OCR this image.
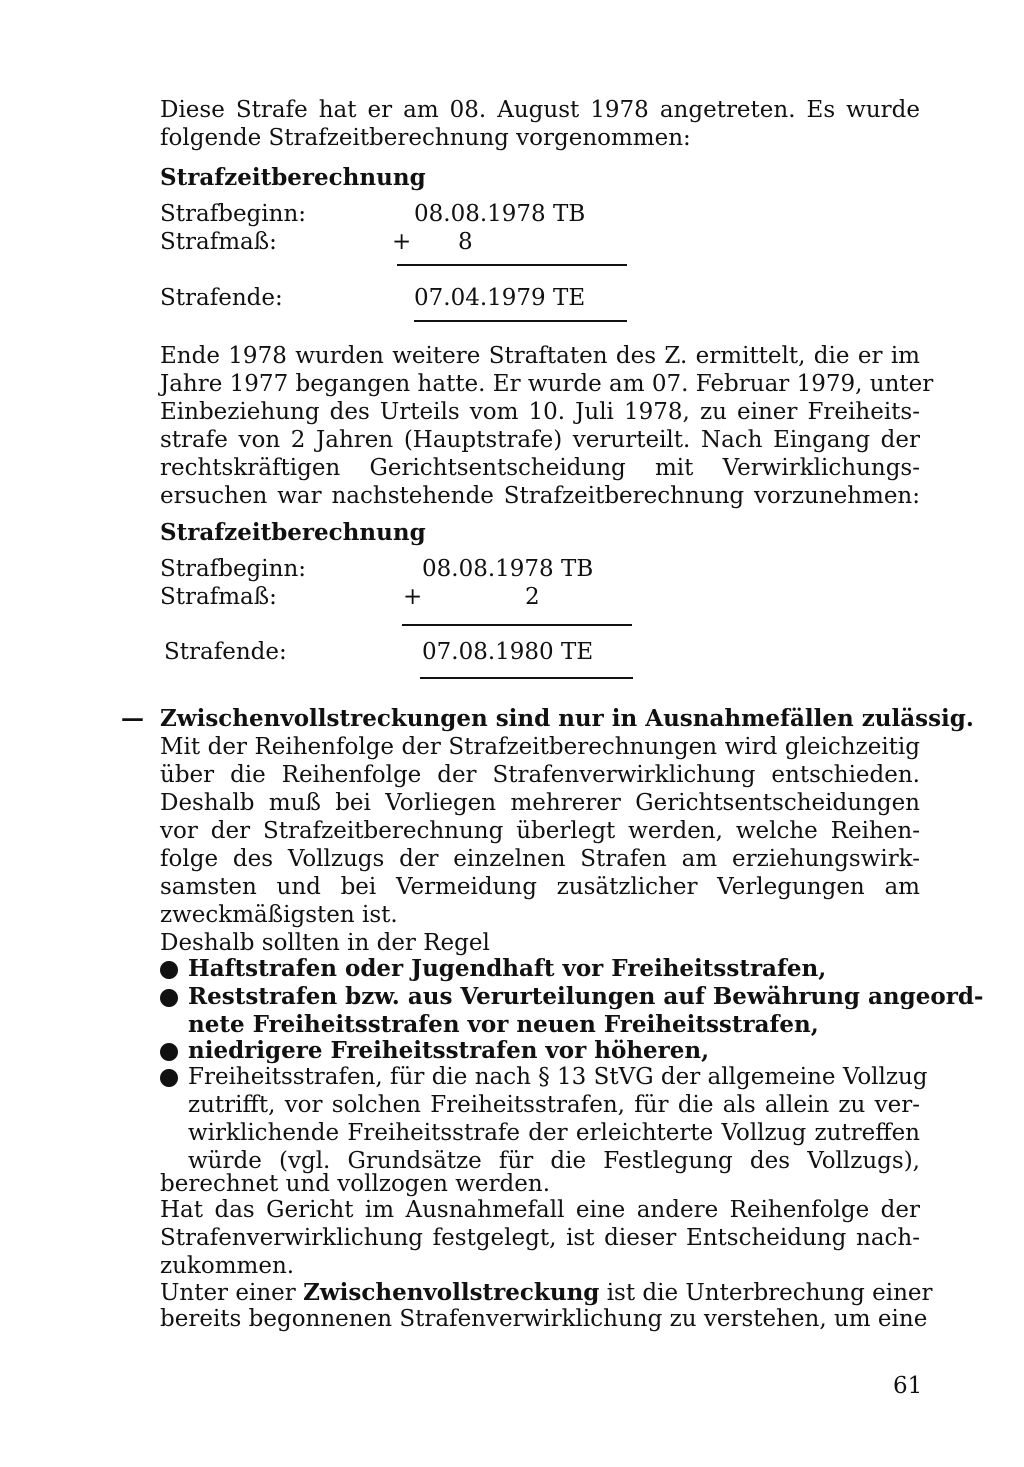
Diese Strafe hat er am 08. August 1978 angetreten. Es wurde
folgende Strafzeitberechnung vorgenommen:
Strafzeitberechnung
Strafbeginn:	08.08.1978 TB
Strafmaß:	+ 8
Strafende:	07.04.1979 TE
Ende 1978 wurden weitere Straftaten des Z. ermittelt, die er im
Jahre 1977 begangen hatte. Er wurde am 07. Februar 1979, unter
Einbeziehung des Urteils vom 10. Juli 1978, zu einer Freiheits-
strafe von 2 Jahren (Hauptstrafe) verurteilt. Nach Eingang der
rechtskräftigen Gerichtsentscheidung mit Verwirklichungs-
ersuchen war nachstehende Strafzeitberechnung vorzunehmen:
Strafzeitberechnung
Strafbeginn:	08.08.1978 TB
Strafmaß:	+	2
Strafende:	07.08.1980 TE
— Zwischenvollstreckungen sind nur in Ausnahmefällen zulässig.
Mit der Reihenfolge der Strafzeitberechnungen wird gleichzeitig
über die Reihenfolge der Strafenverwirklichung entschieden.
Deshalb muß bei Vorliegen mehrerer Gerichtsentscheidungen
vor der Strafzeitberechnung überlegt werden, welche Reihen-
folge des Vollzugs der einzelnen Strafen am erziehungswirk-
samsten und bei Vermeidung zusätzlicher Verlegungen am
zweckmäßigsten ist.
Deshalb sollten in der Regel
Haftstrafen oder Jugendhaft vor Freiheitsstrafen,
Reststrafen bzw. aus Verurteilungen auf Bewährung angeord-
nete Freiheitsstrafen vor neuen Freiheitsstrafen,
niedrigere Freiheitsstrafen vor höheren,
Freiheitsstrafen, für die nach § 13 StVG der allgemeine Vollzug
zutrifft, vor solchen Freiheitsstrafen, für die als allein zu ver-
wirklichende Freiheitsstrafe der erleichterte Vollzug zutreffen
würde (vgl. Grundsätze für die Festlegung des Vollzugs),
berechnet und vollzogen werden.
Hat das Gericht im Ausnahmefall eine andere Reihenfolge der
Strafenverwirklichung festgelegt, ist dieser Entscheidung nach-
zukommen.
Unter einer Zwischenvollstreckung ist die Unterbrechung einer
bereits begonnenen Strafenverwirklichung zu verstehen, um eine
61
